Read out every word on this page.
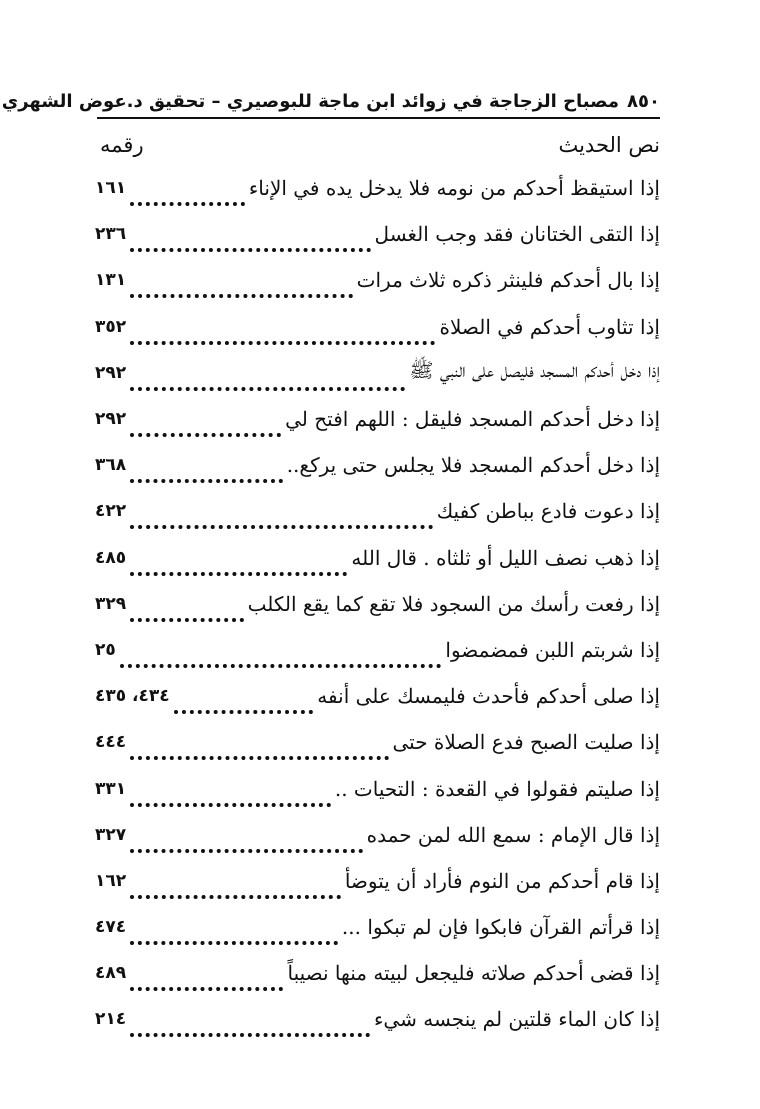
٨٥٠
مصباح الزجاجة في زوائد ابن ماجة للبوصيري – تحقيق د.عوض الشهري
نص الحديث
رقمه
إذا استيقظ أحدكم من نومه فلا يدخل يده في الإناء
١٦١
إذا التقى الختانان فقد وجب الغسل
٢٣٦
إذا بال أحدكم فلينثر ذكره ثلاث مرات
١٣١
إذا تثاوب أحدكم في الصلاة
٣٥٢
إذا دخل أحدكم المسجد فليصل على النبي ﷺ
٢٩٢
إذا دخل أحدكم المسجد فليقل : اللهم افتح لي
٢٩٢
إذا دخل أحدكم المسجد فلا يجلس حتى يركع..
٣٦٨
إذا دعوت فادع بباطن كفيك
٤٢٢
إذا ذهب نصف الليل أو ثلثاه . قال الله
٤٨٥
إذا رفعت رأسك من السجود فلا تقع كما يقع الكلب
٣٢٩
إذا شربتم اللبن فمضمضوا
٢٥
إذا صلى أحدكم فأحدث فليمسك على أنفه
٤٣٤، ٤٣٥
إذا صليت الصبح فدع الصلاة حتى
٤٤٤
إذا صليتم فقولوا في القعدة : التحيات ..
٣٣١
إذا قال الإمام : سمع الله لمن حمده
٣٢٧
إذا قام أحدكم من النوم فأراد أن يتوضأ
١٦٢
إذا قرأتم القرآن فابكوا فإن لم تبكوا ...
٤٧٤
إذا قضى أحدكم صلاته فليجعل لبيته منها نصيباً
٤٨٩
إذا كان الماء قلتين لم ينجسه شيء
٢١٤
